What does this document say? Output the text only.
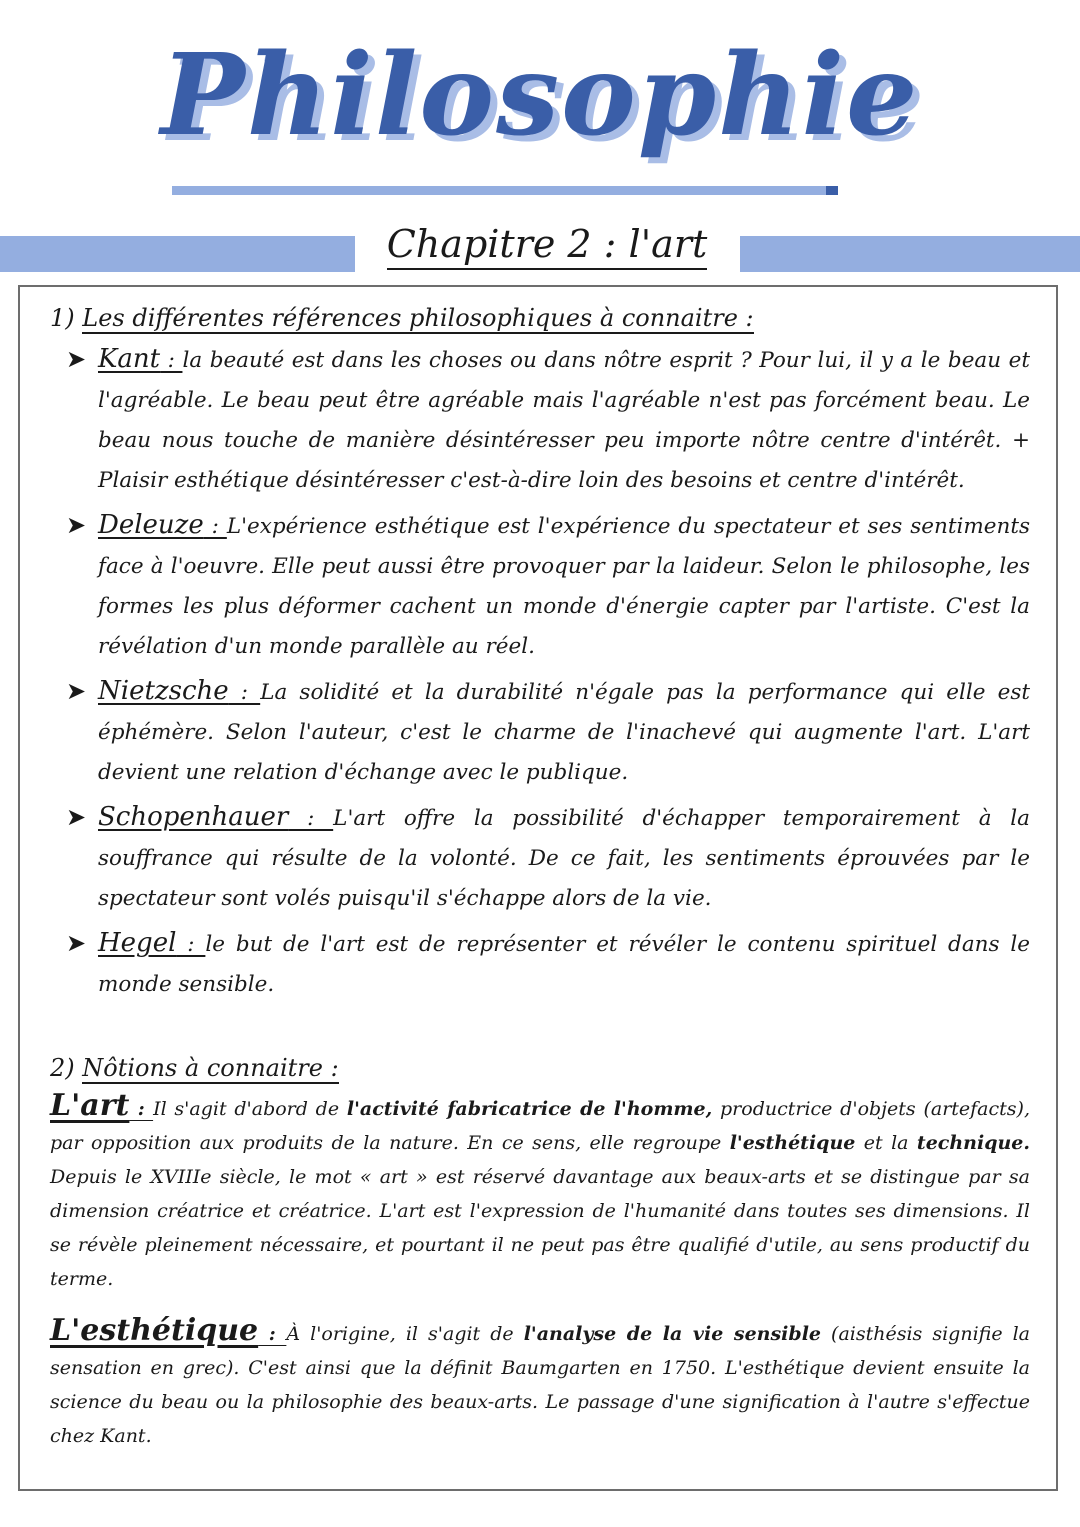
Philosophie
Chapitre 2 : l'art

1) Les différentes références philosophiques à connaitre :

➤ Kant : la beauté est dans les choses ou dans nôtre esprit ? Pour lui, il y a le beau et l'agréable. Le beau peut être agréable mais l'agréable n'est pas forcément beau. Le beau nous touche de manière désintéresser peu importe nôtre centre d'intérêt. + Plaisir esthétique désintéresser c'est-à-dire loin des besoins et centre d'intérêt.

➤ Deleuze : L'expérience esthétique est l'expérience du spectateur et ses sentiments face à l'oeuvre. Elle peut aussi être provoquer par la laideur. Selon le philosophe, les formes les plus déformer cachent un monde d'énergie capter par l'artiste. C'est la révélation d'un monde parallèle au réel.

➤ Nietzsche : La solidité et la durabilité n'égale pas la performance qui elle est éphémère. Selon l'auteur, c'est le charme de l'inachevé qui augmente l'art. L'art devient une relation d'échange avec le publique.

➤ Schopenhauer : L'art offre la possibilité d'échapper temporairement à la souffrance qui résulte de la volonté. De ce fait, les sentiments éprouvées par le spectateur sont volés puisqu'il s'échappe alors de la vie.

➤ Hegel : le but de l'art est de représenter et révéler le contenu spirituel dans le monde sensible.

2) Nôtions à connaitre :

L'art : Il s'agit d'abord de l'activité fabricatrice de l'homme, productrice d'objets (artefacts), par opposition aux produits de la nature. En ce sens, elle regroupe l'esthétique et la technique. Depuis le XVIIIe siècle, le mot « art » est réservé davantage aux beaux-arts et se distingue par sa dimension créatrice et créatrice. L'art est l'expression de l'humanité dans toutes ses dimensions. Il se révèle pleinement nécessaire, et pourtant il ne peut pas être qualifié d'utile, au sens productif du terme.

L'esthétique : À l'origine, il s'agit de l'analyse de la vie sensible (aisthésis signifie la sensation en grec). C'est ainsi que la définit Baumgarten en 1750. L'esthétique devient ensuite la science du beau ou la philosophie des beaux-arts. Le passage d'une signification à l'autre s'effectue chez Kant.
